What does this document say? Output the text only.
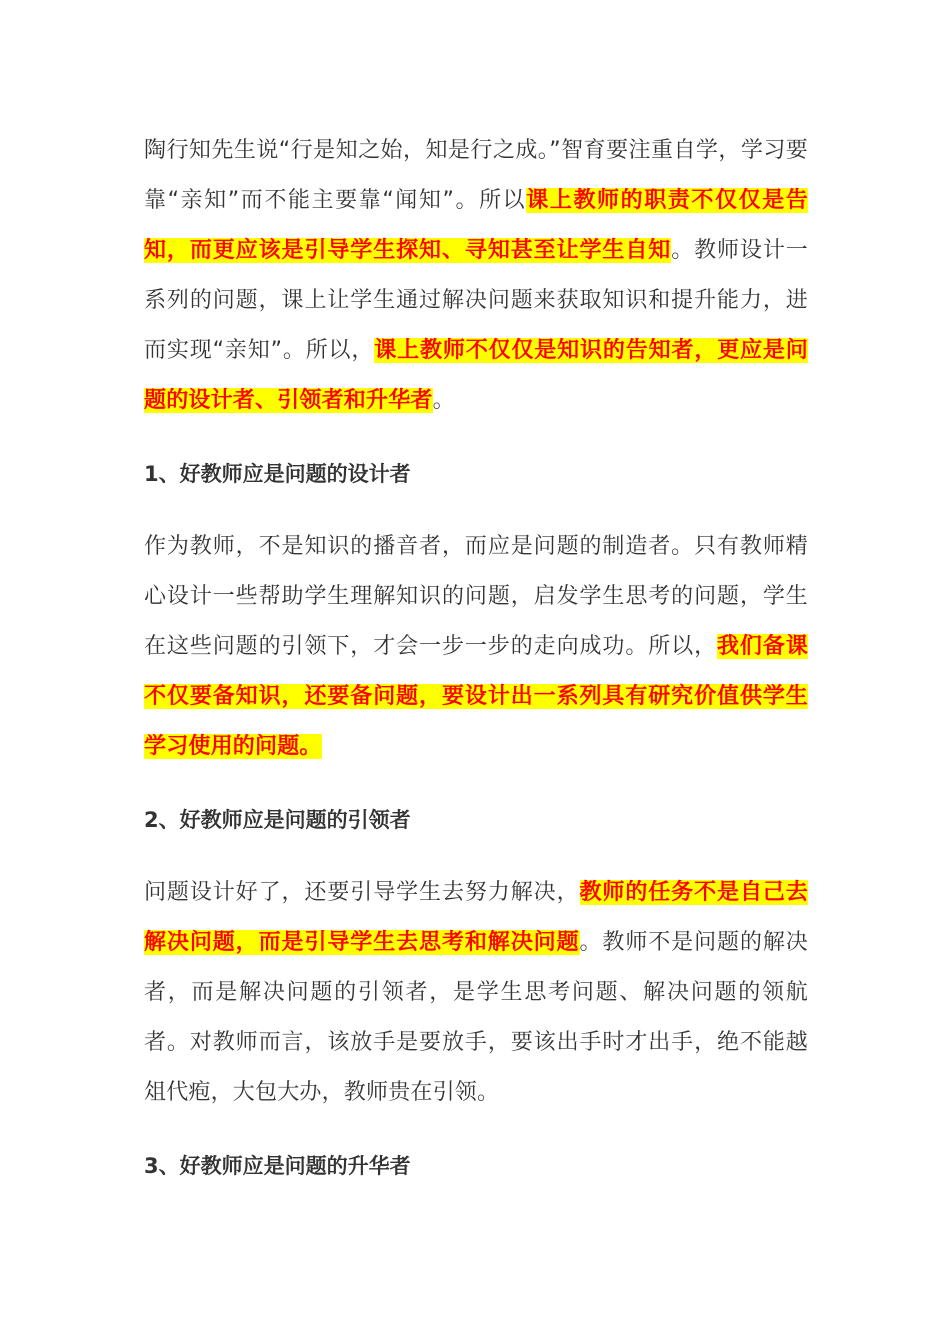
陶行知先生说“行是知之始，知是行之成。”智育要注重自学，学习要靠“亲知”而不能主要靠“闻知”。所以课上教师的职责不仅仅是告知，而更应该是引导学生探知、寻知甚至让学生自知。教师设计一系列的问题，课上让学生通过解决问题来获取知识和提升能力，进而实现“亲知”。所以，课上教师不仅仅是知识的告知者，更应是问题的设计者、引领者和升华者。

1、好教师应是问题的设计者

作为教师，不是知识的播音者，而应是问题的制造者。只有教师精心设计一些帮助学生理解知识的问题，启发学生思考的问题，学生在这些问题的引领下，才会一步一步的走向成功。所以，我们备课不仅要备知识，还要备问题，要设计出一系列具有研究价值供学生学习使用的问题。

2、好教师应是问题的引领者

问题设计好了，还要引导学生去努力解决，教师的任务不是自己去解决问题，而是引导学生去思考和解决问题。教师不是问题的解决者，而是解决问题的引领者，是学生思考问题、解决问题的领航者。对教师而言，该放手是要放手，要该出手时才出手，绝不能越俎代疱，大包大办，教师贵在引领。

3、好教师应是问题的升华者
